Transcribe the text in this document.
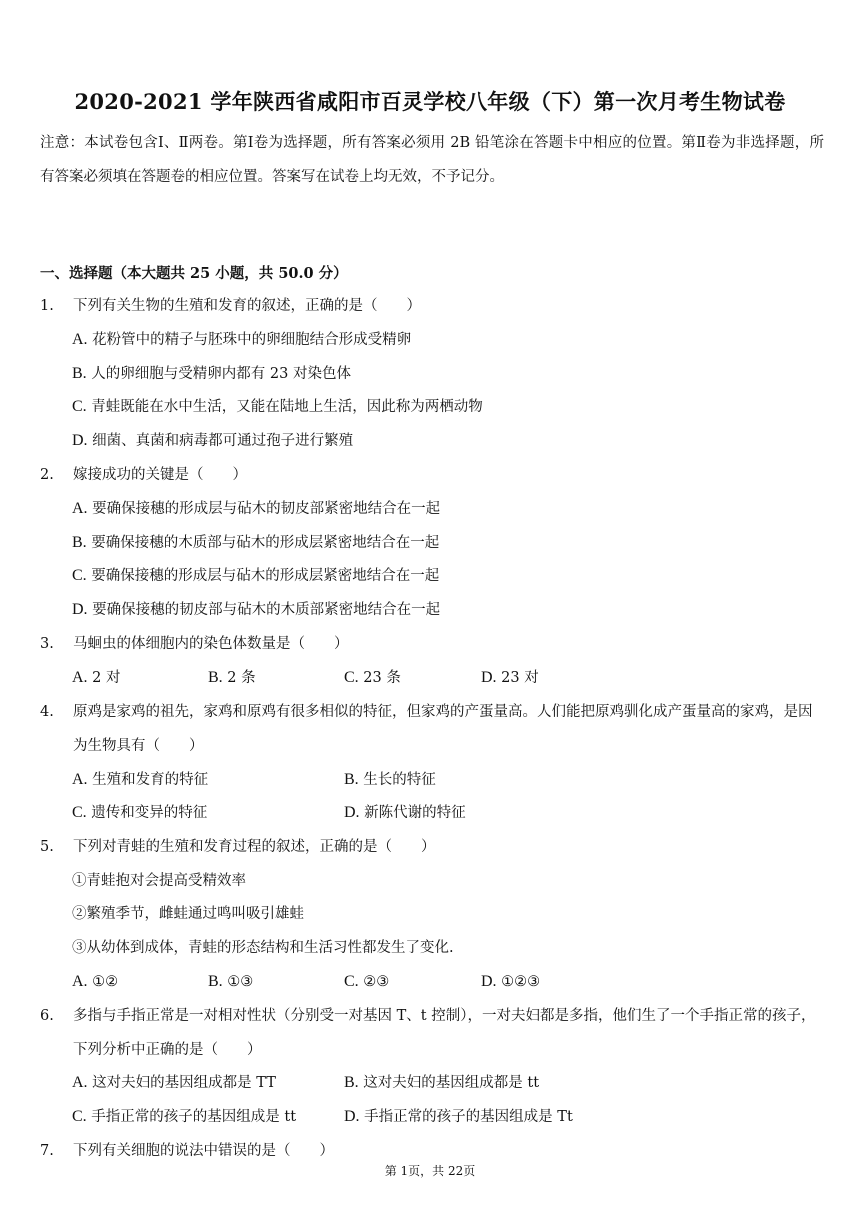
2020-2021 学年陕西省咸阳市百灵学校八年级（下）第一次月考生物试卷
注意：本试卷包含Ⅰ、Ⅱ两卷。第Ⅰ卷为选择题，所有答案必须用 2B 铅笔涂在答题卡中相应的位置。第Ⅱ卷为非选择题，所有答案必须填在答题卷的相应位置。答案写在试卷上均无效，不予记分。
一、选择题（本大题共 25 小题，共 50.0 分）
1. 下列有关生物的生殖和发育的叙述，正确的是（　　）
A. 花粉管中的精子与胚珠中的卵细胞结合形成受精卵
B. 人的卵细胞与受精卵内都有 23 对染色体
C. 青蛙既能在水中生活，又能在陆地上生活，因此称为两栖动物
D. 细菌、真菌和病毒都可通过孢子进行繁殖
2. 嫁接成功的关键是（　　）
A. 要确保接穗的形成层与砧木的韧皮部紧密地结合在一起
B. 要确保接穗的木质部与砧木的形成层紧密地结合在一起
C. 要确保接穗的形成层与砧木的形成层紧密地结合在一起
D. 要确保接穗的韧皮部与砧木的木质部紧密地结合在一起
3. 马蛔虫的体细胞内的染色体数量是（　　）
A. 2 对	B. 2 条	C. 23 条	D. 23 对
4. 原鸡是家鸡的祖先，家鸡和原鸡有很多相似的特征，但家鸡的产蛋量高。人们能把原鸡驯化成产蛋量高的家鸡，是因为生物具有（　　）
A. 生殖和发育的特征	B. 生长的特征
C. 遗传和变异的特征	D. 新陈代谢的特征
5. 下列对青蛙的生殖和发育过程的叙述，正确的是（　　）
①青蛙抱对会提高受精效率
②繁殖季节，雌蛙通过鸣叫吸引雄蛙
③从幼体到成体，青蛙的形态结构和生活习性都发生了变化.
A. ①②	B. ①③	C. ②③	D. ①②③
6. 多指与手指正常是一对相对性状（分别受一对基因 T、t 控制），一对夫妇都是多指，他们生了一个手指正常的孩子，下列分析中正确的是（　　）
A. 这对夫妇的基因组成都是 TT	B. 这对夫妇的基因组成都是 tt
C. 手指正常的孩子的基因组成是 tt	D. 手指正常的孩子的基因组成是 Tt
7. 下列有关细胞的说法中错误的是（　　）
第 1页，共 22页
